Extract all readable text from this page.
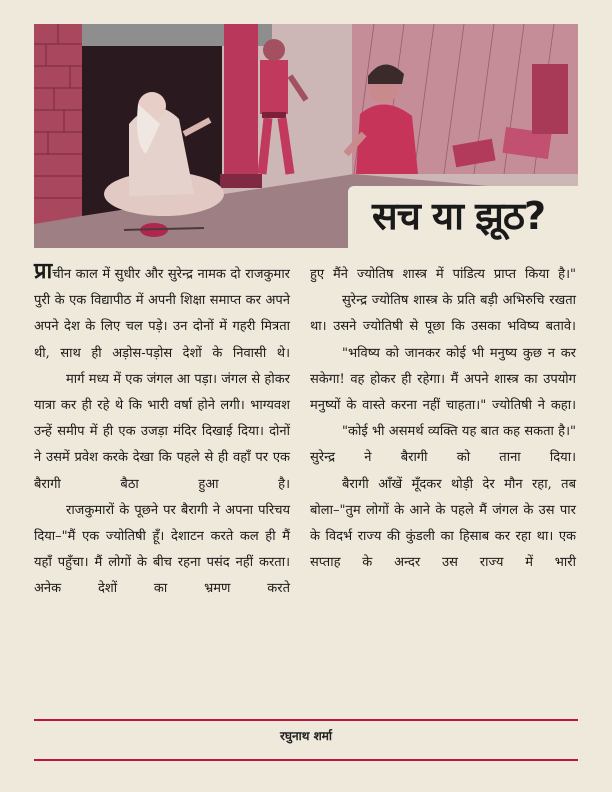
सच या झूठ?

प्राचीन काल में सुधीर और सुरेन्द्र नामक दो राजकुमार पुरी के एक विद्यापीठ में अपनी शिक्षा समाप्त कर अपने अपने देश के लिए चल पड़े। उन दोनों में गहरी मित्रता थी, साथ ही अड़ोस-पड़ोस देशों के निवासी थे।

मार्ग मध्य में एक जंगल आ पड़ा। जंगल से होकर यात्रा कर ही रहे थे कि भारी वर्षा होने लगी। भाग्यवश उन्हें समीप में ही एक उजड़ा मंदिर दिखाई दिया। दोनों ने उसमें प्रवेश करके देखा कि पहले से ही वहाँ पर एक बैरागी बैठा हुआ है।

राजकुमारों के पूछने पर बैरागी ने अपना परिचय दिया–"मैं एक ज्योतिषी हूँ। देशाटन करते कल ही मैं यहाँ पहुँचा। मैं लोगों के बीच रहना पसंद नहीं करता। अनेक देशों का भ्रमण करते

हुए मैंने ज्योतिष शास्त्र में पांडित्य प्राप्त किया है।"

सुरेन्द्र ज्योतिष शास्त्र के प्रति बड़ी अभिरुचि रखता था। उसने ज्योतिषी से पूछा कि उसका भविष्य बतावे।

"भविष्य को जानकर कोई भी मनुष्य कुछ न कर सकेगा! वह होकर ही रहेगा। मैं अपने शास्त्र का उपयोग मनुष्यों के वास्ते करना नहीं चाहता।" ज्योतिषी ने कहा।

"कोई भी असमर्थ व्यक्ति यह बात कह सकता है।" सुरेन्द्र ने बैरागी को ताना दिया।

बैरागी आँखें मूँदकर थोड़ी देर मौन रहा, तब बोला–"तुम लोगों के आने के पहले मैं जंगल के उस पार के विदर्भ राज्य की कुंडली का हिसाब कर रहा था। एक सप्ताह के अन्दर उस राज्य में भारी

रघुनाथ शर्मा
